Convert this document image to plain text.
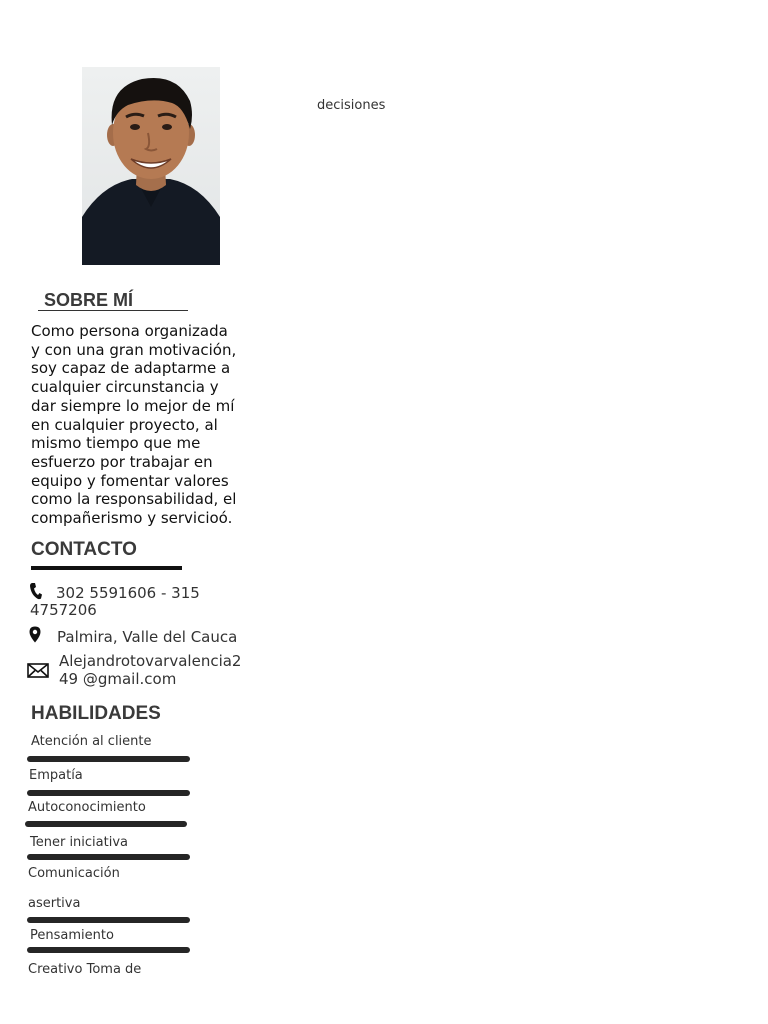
decisiones
SOBRE MÍ
Como persona organizada
y con una gran motivación,
soy capaz de adaptarme a
cualquier circunstancia y
dar siempre lo mejor de mí
en cualquier proyecto, al
mismo tiempo que me
esfuerzo por trabajar en
equipo y fomentar valores
como la responsabilidad, el
compañerismo y servicioó.
CONTACTO
302 5591606 - 315
4757206
Palmira, Valle del Cauca
Alejandrotovarvalencia2
49 @gmail.com
HABILIDADES
Atención al cliente
Empatía
Autoconocimiento
Tener iniciativa
Comunicación
asertiva
Pensamiento
Creativo Toma de
